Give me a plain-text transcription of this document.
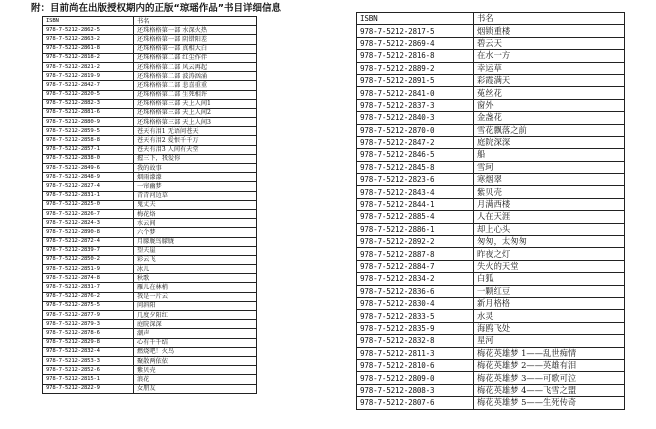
附：目前尚在出版授权期内的正版“琼瑶作品”书目详细信息
ISBN	书名
978-7-5212-2862-5	还珠格格第一部 水深火热
978-7-5212-2863-2	还珠格格第一部 阴错阳差
978-7-5212-2861-8	还珠格格第一部 真相大白
978-7-5212-2818-2	还珠格格第二部 红尘作伴
978-7-5212-2821-2	还珠格格第二部 风云再起
978-7-5212-2819-9	还珠格格第二部 波涛汹涌
978-7-5212-2842-7	还珠格格第二部 悲喜重重
978-7-5212-2820-5	还珠格格第二部 生死相许
978-7-5212-2882-3	还珠格格第三部 天上人间1
978-7-5212-2881-6	还珠格格第三部 天上人间2
978-7-5212-2880-9	还珠格格第三部 天上人间3
978-7-5212-2859-5	苍天有泪1 无语问苍天
978-7-5212-2858-8	苍天有泪2 爱恨千千万
978-7-5212-2857-1	苍天有泪3 人间有天堂
978-7-5212-2838-0	握三下，我爱你
978-7-5212-2849-6	我的故事
978-7-5212-2848-9	烟雨濛濛
978-7-5212-2827-4	一帘幽梦
978-7-5212-2831-1	青青河边草
978-7-5212-2825-0	鬼丈夫
978-7-5212-2826-7	梅花烙
978-7-5212-2824-3	水云间
978-7-5212-2890-8	六个梦
978-7-5212-2872-4	月朦胧鸟朦胧
978-7-5212-2839-7	望夫崖
978-7-5212-2850-2	彩云飞
978-7-5212-2851-9	冰儿
978-7-5212-2874-8	秋歌
978-7-5212-2831-7	雁儿在林梢
978-7-5212-2876-2	我是一片云
978-7-5212-2875-5	问斜阳
978-7-5212-2877-9	几度夕阳红
978-7-5212-2879-3	庭院深深
978-7-5212-2878-6	潮声
978-7-5212-2829-8	心有千千结
978-7-5212-2832-4	燃烧吧！火鸟
978-7-5212-2853-3	聚散两依依
978-7-5212-2852-6	紫贝壳
978-7-5212-2815-1	浪花
978-7-5212-2822-9	女朋友
ISBN	书名
978-7-5212-2817-5	烟锁重楼
978-7-5212-2869-4	碧云天
978-7-5212-2816-8	在水一方
978-7-5212-2889-2	幸运草
978-7-5212-2891-5	彩霞满天
978-7-5212-2841-0	菟丝花
978-7-5212-2837-3	窗外
978-7-5212-2840-3	金盏花
978-7-5212-2870-0	雪花飘落之前
978-7-5212-2847-2	庭院深深
978-7-5212-2846-5	船
978-7-5212-2845-8	雪珂
978-7-5212-2823-6	寒烟翠
978-7-5212-2843-4	紫贝壳
978-7-5212-2844-1	月满西楼
978-7-5212-2885-4	人在天涯
978-7-5212-2886-1	却上心头
978-7-5212-2892-2	匆匆，太匆匆
978-7-5212-2887-8	昨夜之灯
978-7-5212-2884-7	失火的天堂
978-7-5212-2834-2	白狐
978-7-5212-2836-6	一颗红豆
978-7-5212-2830-4	新月格格
978-7-5212-2833-5	水灵
978-7-5212-2835-9	海鸥飞处
978-7-5212-2832-8	星河
978-7-5212-2811-3	梅花英雄梦 1——乱世痴情
978-7-5212-2810-6	梅花英雄梦 2——英雄有泪
978-7-5212-2809-0	梅花英雄梦 3——可歌可泣
978-7-5212-2808-3	梅花英雄梦 4——飞雪之盟
978-7-5212-2807-6	梅花英雄梦 5——生死传奇
